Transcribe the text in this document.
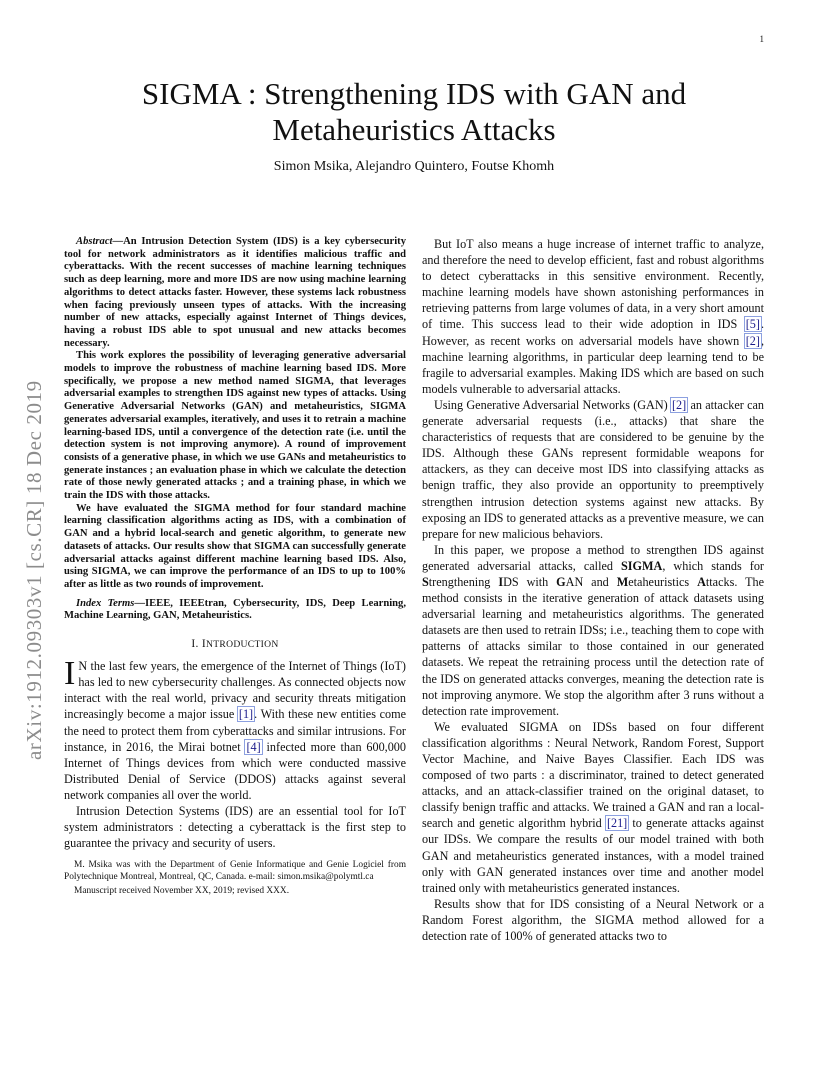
1
arXiv:1912.09303v1 [cs.CR] 18 Dec 2019
SIGMA : Strengthening IDS with GAN and
Metaheuristics Attacks
Simon Msika, Alejandro Quintero, Foutse Khomh

Abstract—An Intrusion Detection System (IDS) is a key cybersecurity tool for network administrators as it identifies malicious traffic and cyberattacks. With the recent successes of machine learning techniques such as deep learning, more and more IDS are now using machine learning algorithms to detect attacks faster. However, these systems lack robustness when facing previously unseen types of attacks. With the increasing number of new attacks, especially against Internet of Things devices, having a robust IDS able to spot unusual and new attacks becomes necessary.

This work explores the possibility of leveraging generative adversarial models to improve the robustness of machine learning based IDS. More specifically, we propose a new method named SIGMA, that leverages adversarial examples to strengthen IDS against new types of attacks. Using Generative Adversarial Networks (GAN) and metaheuristics, SIGMA generates adversarial examples, iteratively, and uses it to retrain a machine learning-based IDS, until a convergence of the detection rate (i.e. until the detection system is not improving anymore). A round of improvement consists of a generative phase, in which we use GANs and metaheuristics to generate instances ; an evaluation phase in which we calculate the detection rate of those newly generated attacks ; and a training phase, in which we train the IDS with those attacks.

We have evaluated the SIGMA method for four standard machine learning classification algorithms acting as IDS, with a combination of GAN and a hybrid local-search and genetic algorithm, to generate new datasets of attacks. Our results show that SIGMA can successfully generate adversarial attacks against different machine learning based IDS. Also, using SIGMA, we can improve the performance of an IDS to up to 100% after as little as two rounds of improvement.

Index Terms—IEEE, IEEEtran, Cybersecurity, IDS, Deep Learning, Machine Learning, GAN, Metaheuristics.

I. INTRODUCTION

I N the last few years, the emergence of the Internet of Things (IoT) has led to new cybersecurity challenges. As connected objects now interact with the real world, privacy and security threats mitigation increasingly become a major issue [1]. With these new entities come the need to protect them from cyberattacks and similar intrusions. For instance, in 2016, the Mirai botnet [4] infected more than 600,000 Internet of Things devices from which were conducted massive Distributed Denial of Service (DDOS) attacks against several network companies all over the world.

Intrusion Detection Systems (IDS) are an essential tool for IoT system administrators : detecting a cyberattack is the first step to guarantee the privacy and security of users.

M. Msika was with the Department of Genie Informatique and Genie Logiciel from Polytechnique Montreal, Montreal, QC, Canada. e-mail: simon.msika@polymtl.ca

Manuscript received November XX, 2019; revised XXX.

But IoT also means a huge increase of internet traffic to analyze, and therefore the need to develop efficient, fast and robust algorithms to detect cyberattacks in this sensitive environment. Recently, machine learning models have shown astonishing performances in retrieving patterns from large volumes of data, in a very short amount of time. This success lead to their wide adoption in IDS [5]. However, as recent works on adversarial models have shown [2], machine learning algorithms, in particular deep learning tend to be fragile to adversarial examples. Making IDS which are based on such models vulnerable to adversarial attacks.

Using Generative Adversarial Networks (GAN) [2] an attacker can generate adversarial requests (i.e., attacks) that share the characteristics of requests that are considered to be genuine by the IDS. Although these GANs represent formidable weapons for attackers, as they can deceive most IDS into classifying attacks as benign traffic, they also provide an opportunity to preemptively strengthen intrusion detection systems against new attacks. By exposing an IDS to generated attacks as a preventive measure, we can prepare for new malicious behaviors.

In this paper, we propose a method to strengthen IDS against generated adversarial attacks, called SIGMA, which stands for Strengthening IDS with GAN and Metaheuristics Attacks. The method consists in the iterative generation of attack datasets using adversarial learning and metaheuristics algorithms. The generated datasets are then used to retrain IDSs; i.e., teaching them to cope with patterns of attacks similar to those contained in our generated datasets. We repeat the retraining process until the detection rate of the IDS on generated attacks converges, meaning the detection rate is not improving anymore. We stop the algorithm after 3 runs without a detection rate improvement.

We evaluated SIGMA on IDSs based on four different classification algorithms : Neural Network, Random Forest, Support Vector Machine, and Naive Bayes Classifier. Each IDS was composed of two parts : a discriminator, trained to detect generated attacks, and an attack-classifier trained on the original dataset, to classify benign traffic and attacks. We trained a GAN and ran a local-search and genetic algorithm hybrid [21] to generate attacks against our IDSs. We compare the results of our model trained with both GAN and metaheuristics generated instances, with a model trained only with GAN generated instances over time and another model trained only with metaheuristics generated instances.

Results show that for IDS consisting of a Neural Network or a Random Forest algorithm, the SIGMA method allowed for a detection rate of 100% of generated attacks two to
